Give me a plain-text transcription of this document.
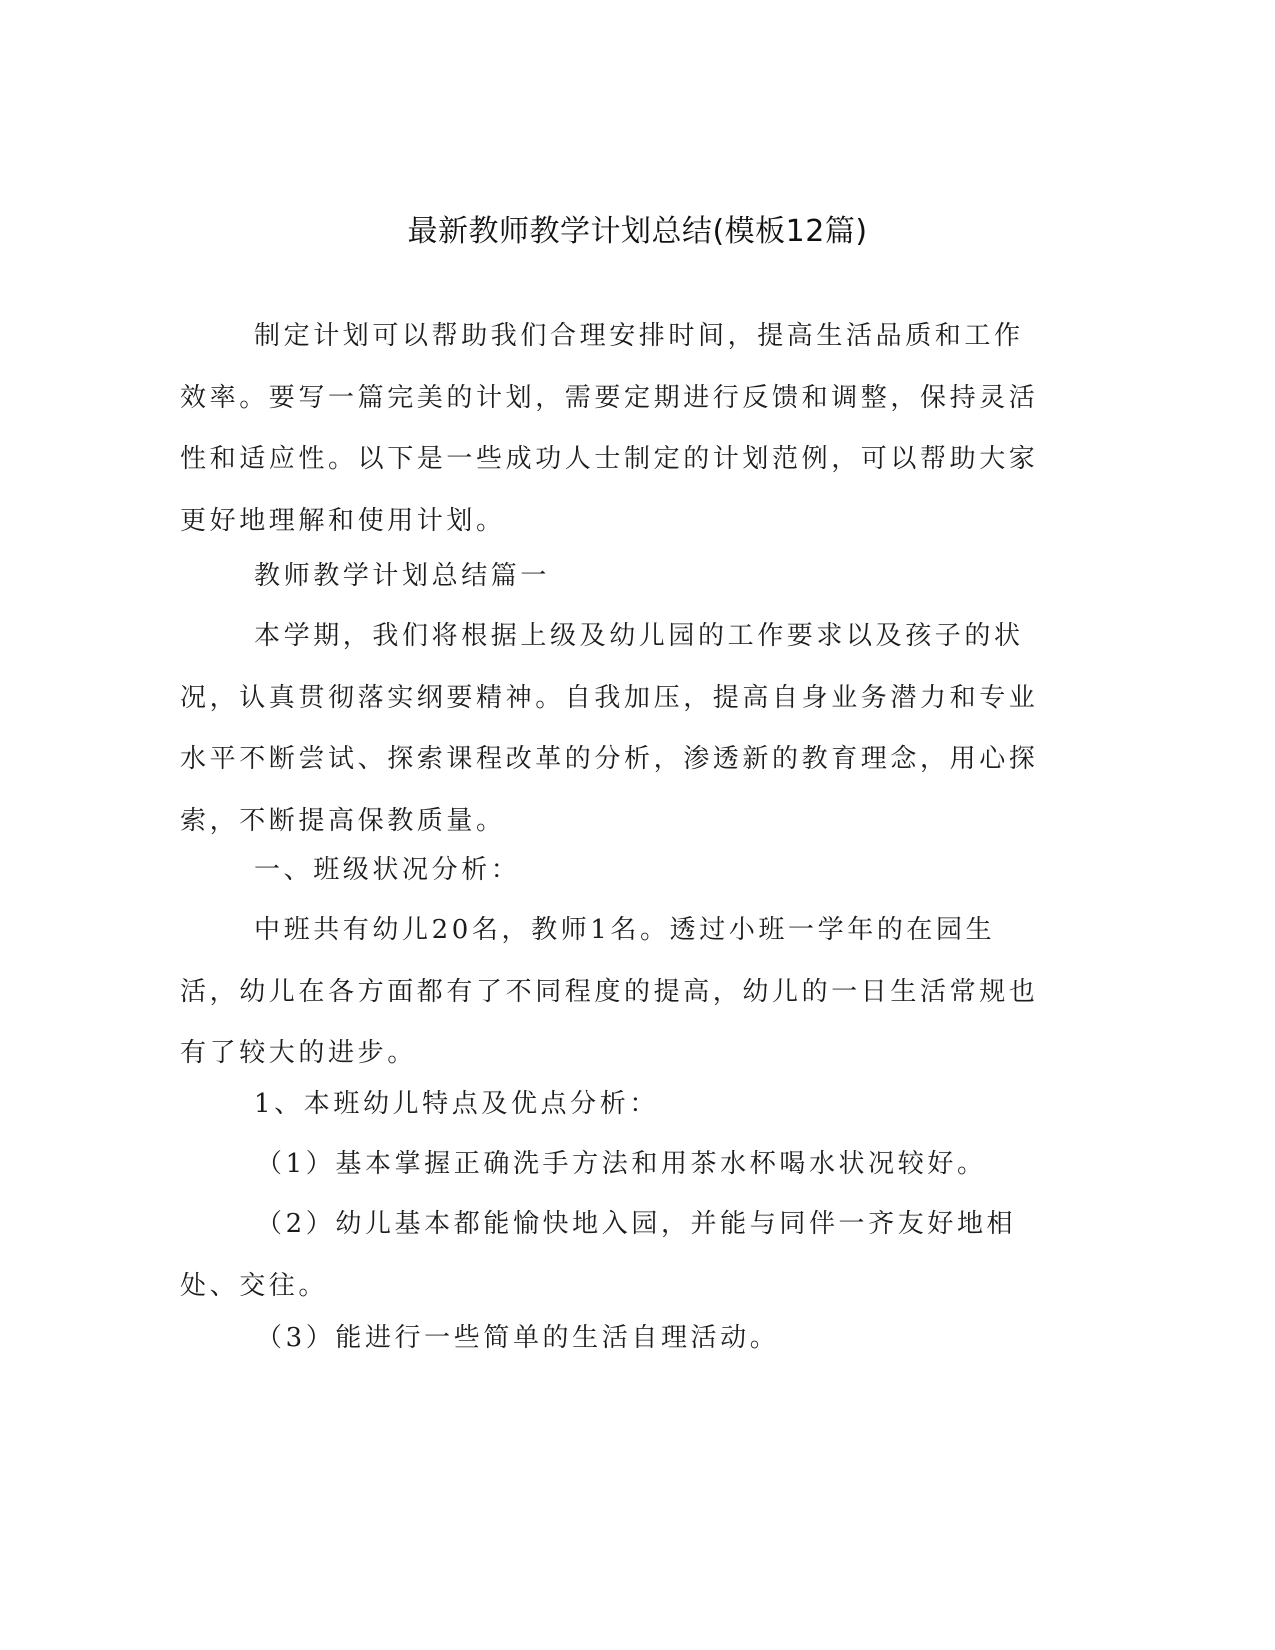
最新教师教学计划总结(模板12篇)

制定计划可以帮助我们合理安排时间，提高生活品质和工作效率。要写一篇完美的计划，需要定期进行反馈和调整，保持灵活性和适应性。以下是一些成功人士制定的计划范例，可以帮助大家更好地理解和使用计划。

教师教学计划总结篇一

本学期，我们将根据上级及幼儿园的工作要求以及孩子的状况，认真贯彻落实纲要精神。自我加压，提高自身业务潜力和专业水平不断尝试、探索课程改革的分析，渗透新的教育理念，用心探索，不断提高保教质量。

一、班级状况分析：

中班共有幼儿20名，教师1名。透过小班一学年的在园生活，幼儿在各方面都有了不同程度的提高，幼儿的一日生活常规也有了较大的进步。

1、本班幼儿特点及优点分析：

（1）基本掌握正确洗手方法和用茶水杯喝水状况较好。

（2）幼儿基本都能愉快地入园，并能与同伴一齐友好地相处、交往。

（3）能进行一些简单的生活自理活动。
